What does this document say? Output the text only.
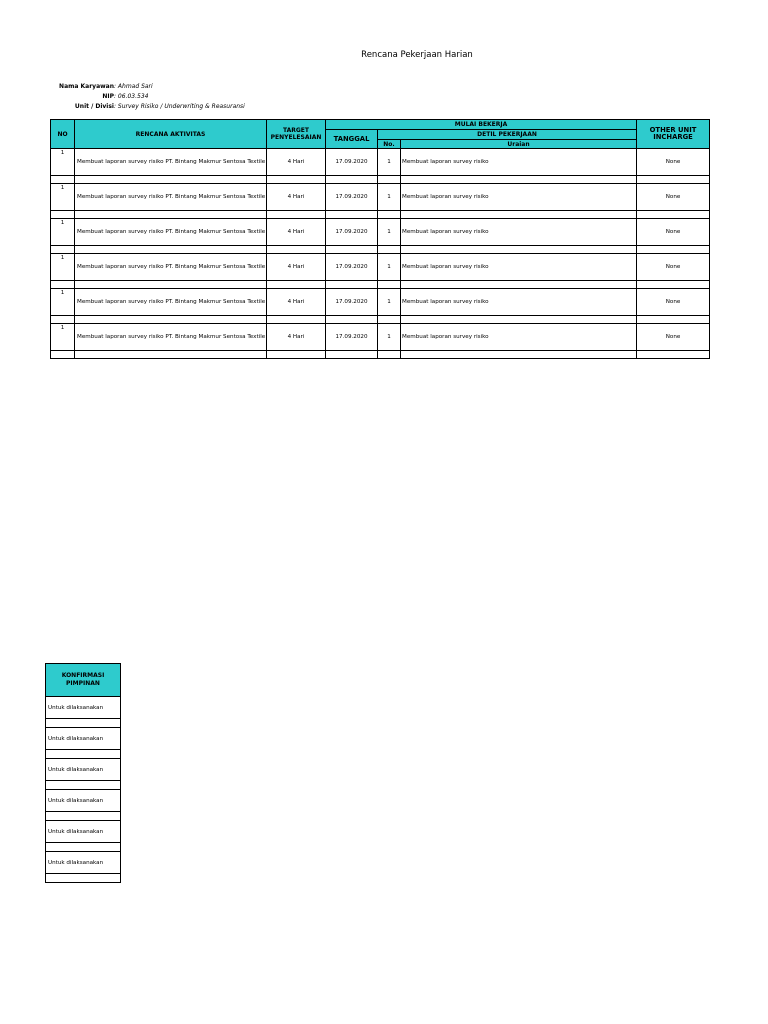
Rencana Pekerjaan Harian
Nama Karyawan : Ahmad Sari
NIP : 06.03.534
Unit / Divisi : Survey Risiko / Underwriting & Reasuransi
NO	RENCANA AKTIVITAS	TARGET PENYELESAIAN	MULAI BEKERJA			OTHER UNIT INCHARGE
			TANGGAL	DETIL PEKERJAAN		
				No.	Uraian	
1	Membuat laporan survey risiko PT. Bintang Makmur Sentosa Textile	4 Hari	17.09.2020	1	Membuat laporan survey risiko	None

1	Membuat laporan survey risiko PT. Bintang Makmur Sentosa Textile	4 Hari	17.09.2020	1	Membuat laporan survey risiko	None

1	Membuat laporan survey risiko PT. Bintang Makmur Sentosa Textile	4 Hari	17.09.2020	1	Membuat laporan survey risiko	None

1	Membuat laporan survey risiko PT. Bintang Makmur Sentosa Textile	4 Hari	17.09.2020	1	Membuat laporan survey risiko	None

1	Membuat laporan survey risiko PT. Bintang Makmur Sentosa Textile	4 Hari	17.09.2020	1	Membuat laporan survey risiko	None

1	Membuat laporan survey risiko PT. Bintang Makmur Sentosa Textile	4 Hari	17.09.2020	1	Membuat laporan survey risiko	None

KONFIRMASI PIMPINAN
Untuk dilaksanakan

Untuk dilaksanakan

Untuk dilaksanakan

Untuk dilaksanakan

Untuk dilaksanakan

Untuk dilaksanakan
